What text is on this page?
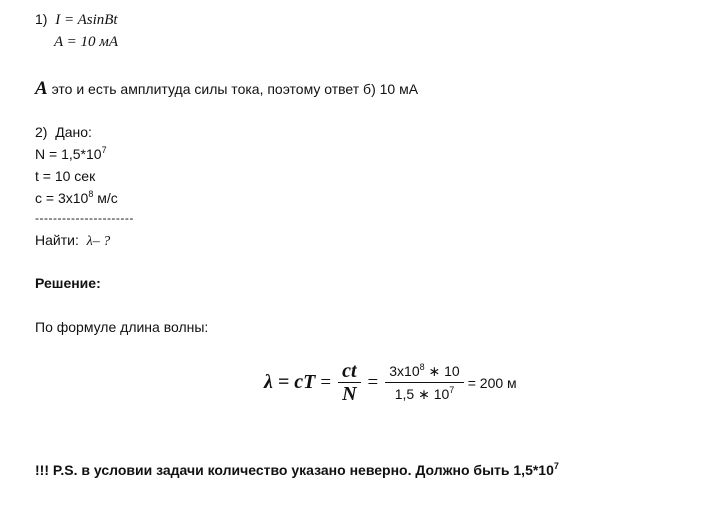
1) I = AsinBt
A = 10 мА
A это и есть амплитуда силы тока, поэтому ответ б) 10 мА
2) Дано:
$N = 1,5*10^7$
t = 10 сек
$c = 3x10^8$ м/с
----------------------
Найти: λ– ?
Решение:
По формуле длина волны:
λ = cT = $\frac{ct}{N} = \frac{3x10^8 ∗ 10}{1,5 ∗ 10^7} = 200$ м
!!! P.S. в условии задачи количество указано неверно. Должно быть $1,5*10^7$
